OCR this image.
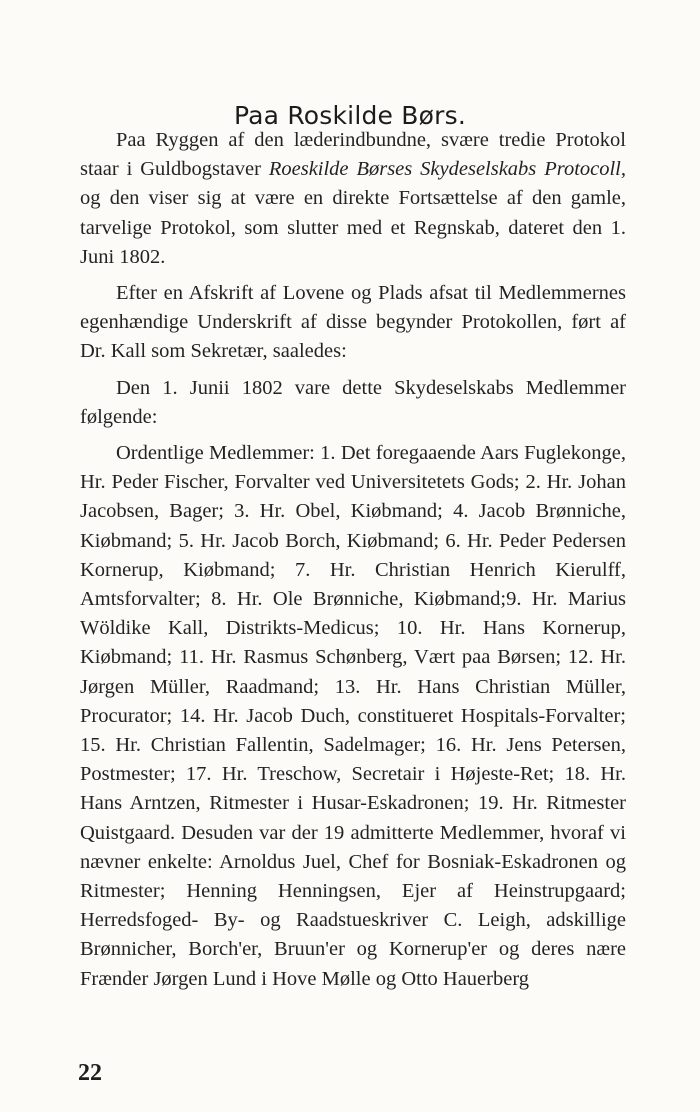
Paa Roskilde Børs.

Paa Ryggen af den læderindbundne, svære tredie Protokol staar i Guldbogstaver Roeskilde Børses Skydeselskabs Protocoll, og den viser sig at være en direkte Fortsættelse af den gamle, tarvelige Protokol, som slutter med et Regnskab, dateret den 1. Juni 1802.

Efter en Afskrift af Lovene og Plads afsat til Medlemmernes egenhændige Underskrift af disse begynder Protokollen, ført af Dr. Kall som Sekretær, saaledes:

Den 1. Junii 1802 vare dette Skydeselskabs Medlemmer følgende:

Ordentlige Medlemmer: 1. Det foregaaende Aars Fuglekonge, Hr. Peder Fischer, Forvalter ved Universitetets Gods; 2. Hr. Johan Jacobsen, Bager; 3. Hr. Obel, Kiøbmand; 4. Jacob Brønniche, Kiøbmand; 5. Hr. Jacob Borch, Kiøbmand; 6. Hr. Peder Pedersen Kornerup, Kiøbmand; 7. Hr. Christian Henrich Kierulff, Amtsforvalter; 8. Hr. Ole Brønniche, Kiøbmand;9. Hr. Marius Wöldike Kall, Distrikts-Medicus; 10. Hr. Hans Kornerup, Kiøbmand; 11. Hr. Rasmus Schønberg, Vært paa Børsen; 12. Hr. Jørgen Müller, Raadmand; 13. Hr. Hans Christian Müller, Procurator; 14. Hr. Jacob Duch, constitueret Hospitals-Forvalter; 15. Hr. Christian Fallentin, Sadelmager; 16. Hr. Jens Petersen, Postmester; 17. Hr. Treschow, Secretair i Højeste-Ret; 18. Hr. Hans Arntzen, Ritmester i Husar-Eskadronen; 19. Hr. Ritmester Quistgaard. Desuden var der 19 admitterte Medlemmer, hvoraf vi nævner enkelte: Arnoldus Juel, Chef for Bosniak-Eskadronen og Ritmester; Henning Henningsen, Ejer af Heinstrupgaard; Herredsfoged- By- og Raadstueskriver C. Leigh, adskillige Brønnicher, Borch'er, Bruun'er og Kornerup'er og deres nære Frænder Jørgen Lund i Hove Mølle og Otto Hauerberg

22
